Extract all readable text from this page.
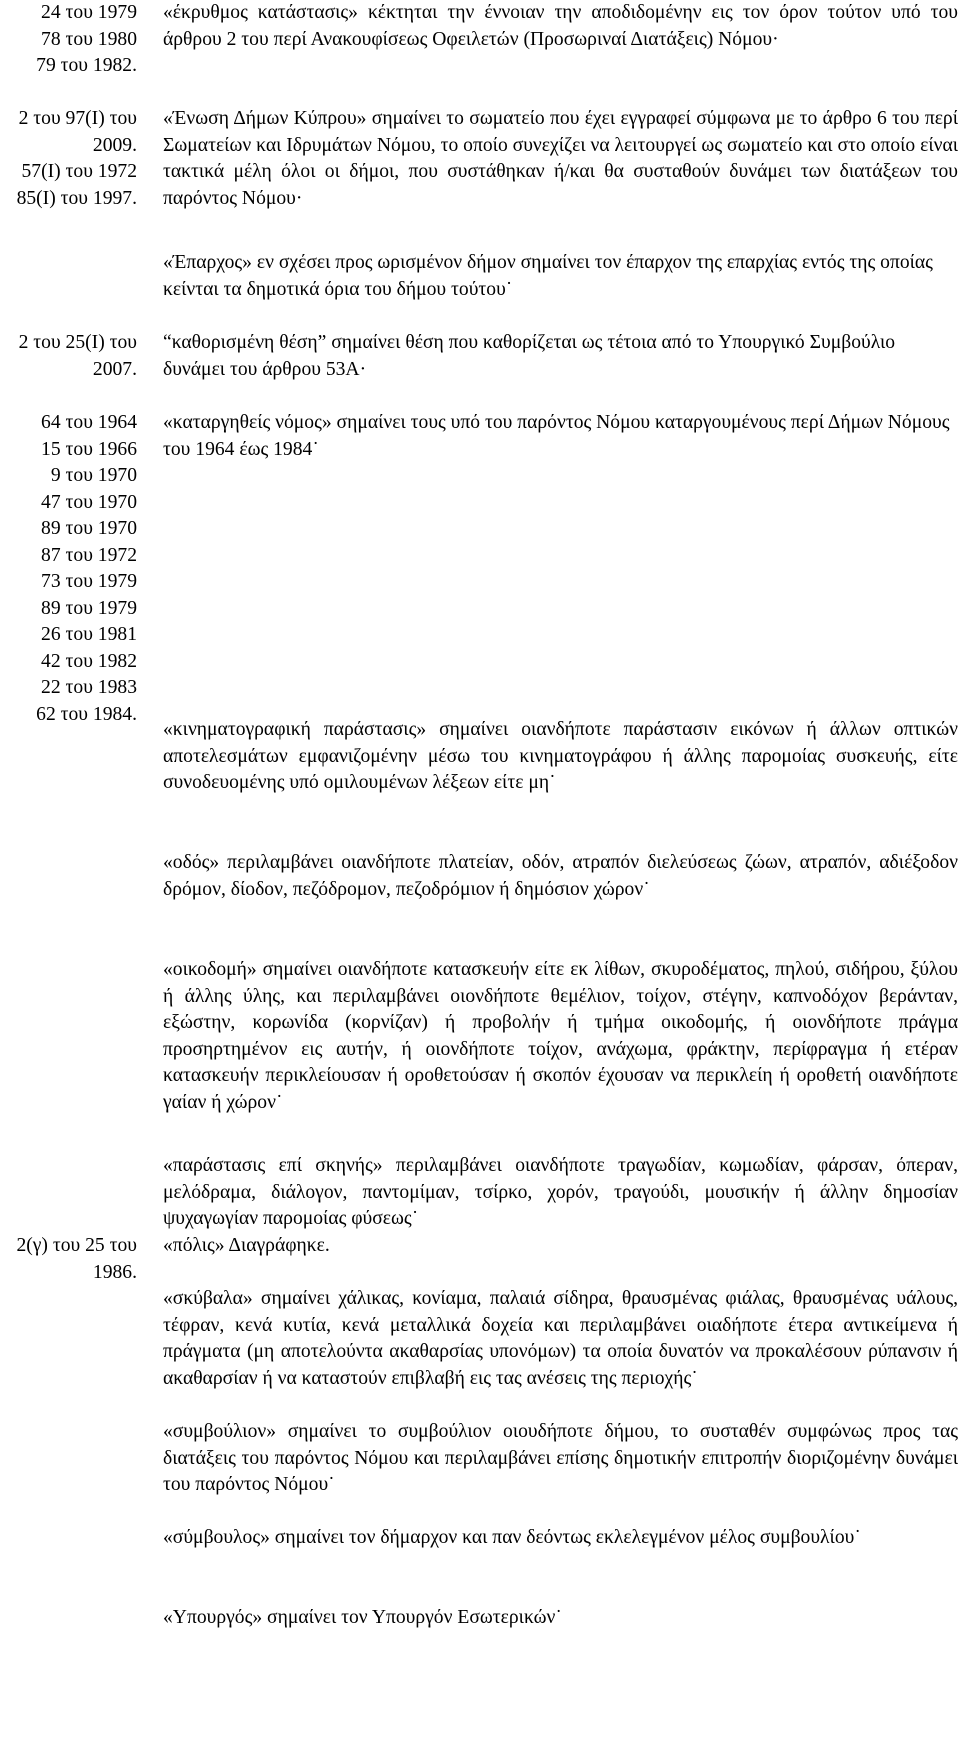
24 του 1979
78 του 1980
79 του 1982.
2 του 97(Ι) του
2009.
57(Ι) του 1972
85(Ι) του 1997.
2 του 25(Ι) του
2007.
64 του 1964
15 του 1966
9 του 1970
47 του 1970
89 του 1970
87 του 1972
73 του 1979
89 του 1979
26 του 1981
42 του 1982
22 του 1983
62 του 1984.
2(γ) του 25 του
1986.
«έκρυθμος κατάστασις» κέκτηται την έννοιαν την αποδιδομένην εις τον όρον τούτον υπό του άρθρου 2 του περί Ανακουφίσεως Οφειλετών (Προσωριναί Διατάξεις) Νόμου·
«Ένωση Δήμων Κύπρου» σημαίνει το σωματείο που έχει εγγραφεί σύμφωνα με το άρθρο 6 του περί Σωματείων και Ιδρυμάτων Νόμου, το οποίο συνεχίζει να λειτουργεί ως σωματείο και στο οποίο είναι τακτικά μέλη όλοι οι δήμοι, που συστάθηκαν ή/και θα συσταθούν δυνάμει των διατάξεων του παρόντος Νόμου·
«Έπαρχος» εν σχέσει προς ωρισμένον δήμον σημαίνει τον έπαρχον της επαρχίας εντός της οποίας κείνται τα δημοτικά όρια του δήμου τούτου˙
“καθορισμένη θέση” σημαίνει θέση που καθορίζεται ως τέτοια από το Υπουργικό Συμβούλιο δυνάμει του άρθρου 53Α·
«καταργηθείς νόμος» σημαίνει τους υπό του παρόντος Νόμου καταργουμένους περί Δήμων Νόμους του 1964 έως 1984˙
«κινηματογραφική παράστασις» σημαίνει οιανδήποτε παράστασιν εικόνων ή άλλων οπτικών αποτελεσμάτων εμφανιζομένην μέσω του κινηματογράφου ή άλλης παρομοίας συσκευής, είτε συνοδευομένης υπό ομιλουμένων λέξεων είτε μη˙
«οδός» περιλαμβάνει οιανδήποτε πλατείαν, οδόν, ατραπόν διελεύσεως ζώων, ατραπόν, αδιέξοδον δρόμον, δίοδον, πεζόδρομον, πεζοδρόμιον ή δημόσιον χώρον˙
«οικοδομή» σημαίνει οιανδήποτε κατασκευήν είτε εκ λίθων, σκυροδέματος, πηλού, σιδήρου, ξύλου ή άλλης ύλης, και περιλαμβάνει οιονδήποτε θεμέλιον, τοίχον, στέγην, καπνοδόχον βεράνταν, εξώστην, κορωνίδα (κορνίζαν) ή προβολήν ή τμήμα οικοδομής, ή οιονδήποτε πράγμα προσηρτημένον εις αυτήν, ή οιονδήποτε τοίχον, ανάχωμα, φράκτην, περίφραγμα ή ετέραν κατασκευήν περικλείουσαν ή οροθετούσαν ή σκοπόν έχουσαν να περικλείη ή οροθετή οιανδήποτε γαίαν ή χώρον˙
«παράστασις επί σκηνής» περιλαμβάνει οιανδήποτε τραγωδίαν, κωμωδίαν, φάρσαν, όπεραν, μελόδραμα, διάλογον, παντομίμαν, τσίρκο, χορόν, τραγούδι, μουσικήν ή άλλην δημοσίαν ψυχαγωγίαν παρομοίας φύσεως˙
«πόλις» Διαγράφηκε.
«σκύβαλα» σημαίνει χάλικας, κονίαμα, παλαιά σίδηρα, θραυσμένας φιάλας, θραυσμένας υάλους, τέφραν, κενά κυτία, κενά μεταλλικά δοχεία και περιλαμβάνει οιαδήποτε έτερα αντικείμενα ή πράγματα (μη αποτελούντα ακαθαρσίας υπονόμων) τα οποία δυνατόν να προκαλέσουν ρύπανσιν ή ακαθαρσίαν ή να καταστούν επιβλαβή εις τας ανέσεις της περιοχής˙
«συμβούλιον» σημαίνει το συμβούλιον οιουδήποτε δήμου, το συσταθέν συμφώνως προς τας διατάξεις του παρόντος Νόμου και περιλαμβάνει επίσης δημοτικήν επιτροπήν διοριζομένην δυνάμει του παρόντος Νόμου˙
«σύμβουλος» σημαίνει τον δήμαρχον και παν δεόντως εκλελεγμένον μέλος συμβουλίου˙
«Υπουργός» σημαίνει τον Υπουργόν Εσωτερικών˙
